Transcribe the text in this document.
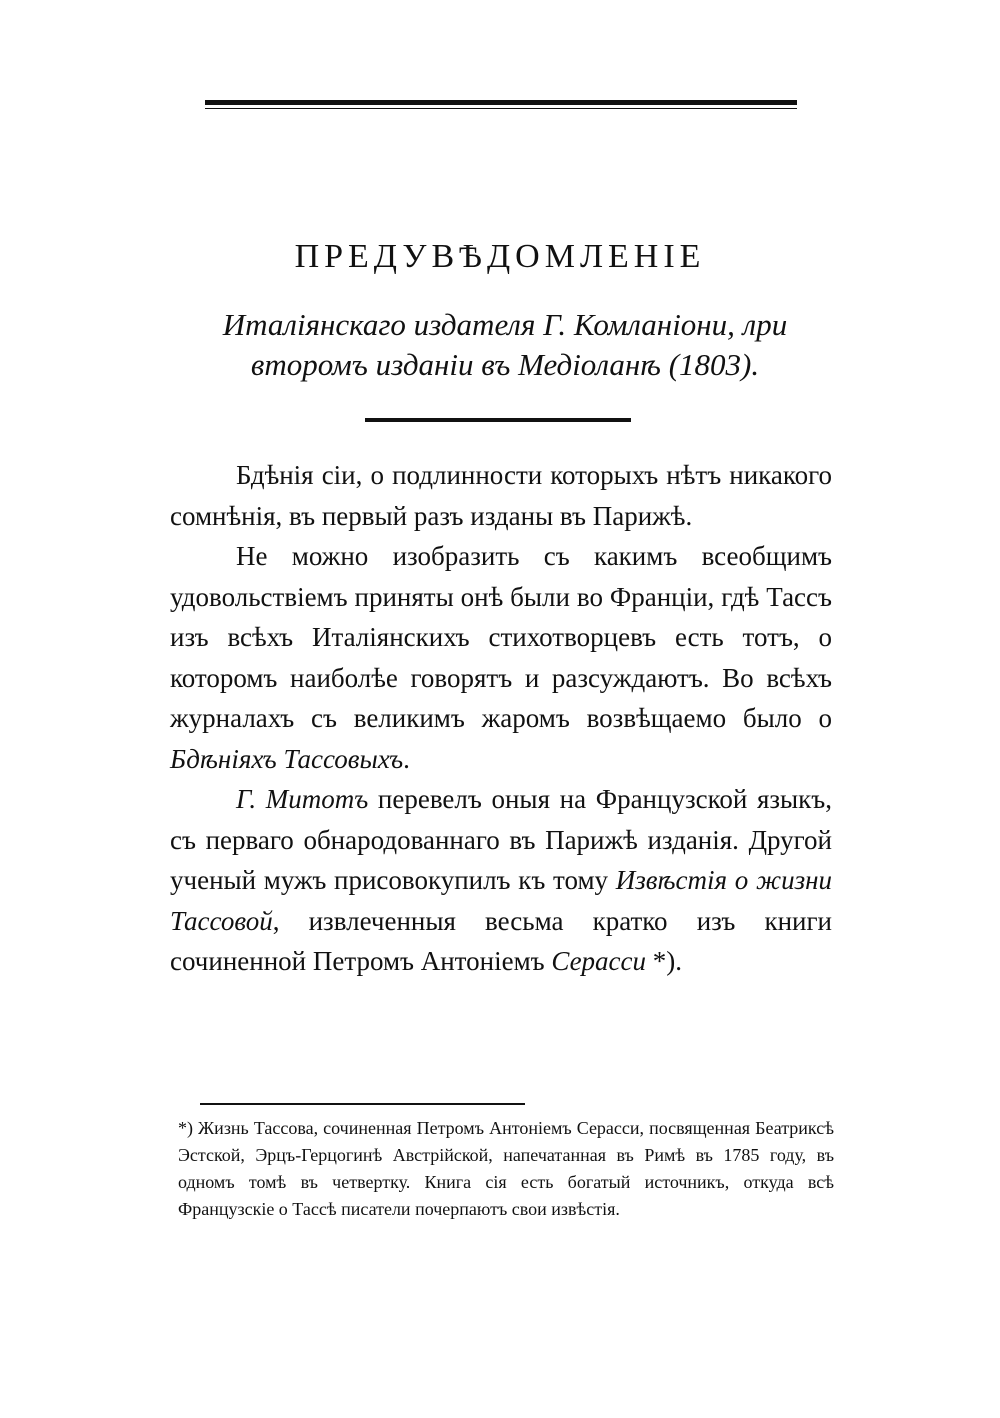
ПРЕДУВѢДОМЛЕНІЕ

Италіянскаго издателя Г. Комланіони, лри второмъ изданіи въ Медіоланѣ (1803).

Бдѣнія сіи, о подлинности которыхъ нѣтъ никакого сомнѣнія, въ первый разъ изданы въ Парижѣ.

Не можно изобразить съ какимъ всеобщимъ удовольствіемъ приняты онѣ были во Франціи, гдѣ Тассъ изъ всѣхъ Италіянскихъ стихотворцевъ есть тотъ, о которомъ наиболѣе говорятъ и разсуждаютъ. Во всѣхъ журналахъ съ великимъ жаромъ возвѣщаемо было о Бдѣніяхъ Тассовыхъ.

Г. Митотъ перевелъ оныя на Французской языкъ, съ перваго обнародованнаго въ Парижѣ изданія. Другой ученый мужъ присовокупилъ къ тому Извѣстія о жизни Тассовой, извлеченныя весьма кратко изъ книги сочиненной Петромъ Антоніемъ Серасси *).

*) Жизнь Тассова, сочиненная Петромъ Антоніемъ Серасси, посвященная Беатриксѣ Эстской, Эрцъ-Герцогинѣ Австрійской, напечатанная въ Римѣ въ 1785 году, въ одномъ томѣ въ четвертку. Книга сія есть богатый источникъ, откуда всѣ Французскіе о Тассѣ писатели почерпаютъ свои извѣстія.
